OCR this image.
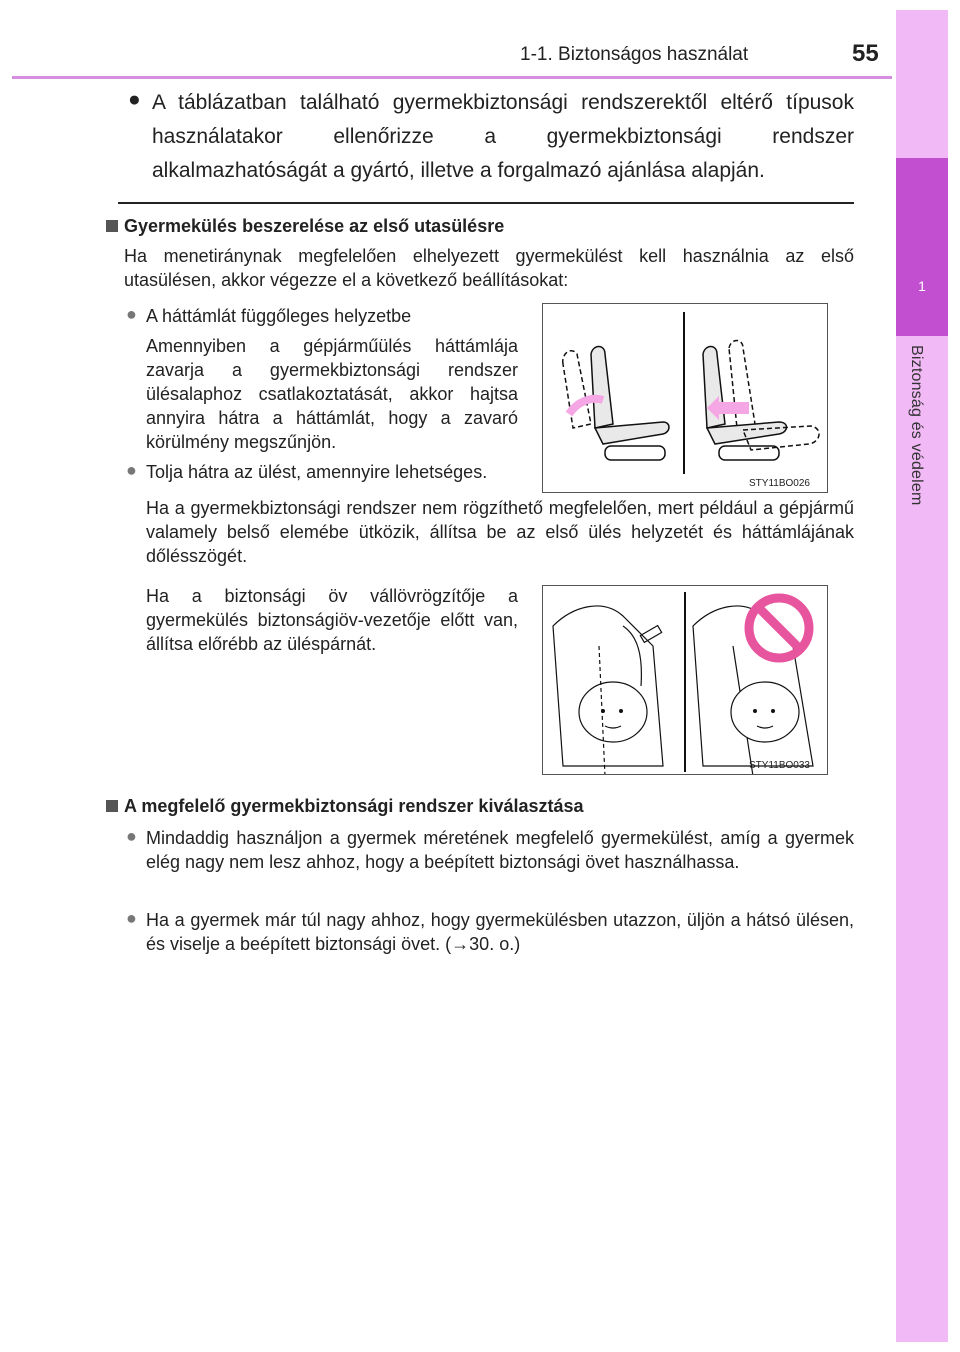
1-1. Biztonságos használat	55
1
Biztonság és védelem
● A táblázatban található gyermekbiztonsági rendszerektől eltérő típusok használatakor ellenőrizze a gyermekbiztonsági rendszer alkalmazhatóságát a gyártó, illetve a forgalmazó ajánlása alapján.
Gyermekülés beszerelése az első utasülésre
Ha menetiránynak megfelelően elhelyezett gyermekülést kell használnia az első utasülésen, akkor végezze el a következő beállításokat:
● A háttámlát függőleges helyzetbe
Amennyiben a gépjárműülés háttámlája zavarja a gyermekbiztonsági rendszer ülésalaphoz csatlakoztatását, akkor hajtsa annyira hátra a háttámlát, hogy a zavaró körülmény megszűnjön.
● Tolja hátra az ülést, amennyire lehetséges.
STY11BO026
Ha a gyermekbiztonsági rendszer nem rögzíthető megfelelően, mert például a gépjármű valamely belső elemébe ütközik, állítsa be az első ülés helyzetét és háttámlájának dőlésszögét.
Ha a biztonsági öv vállövrögzítője a gyermekülés biztonságiöv-vezetője előtt van, állítsa előrébb az üléspárnát.
STY11BO033
A megfelelő gyermekbiztonsági rendszer kiválasztása
● Mindaddig használjon a gyermek méretének megfelelő gyermekülést, amíg a gyermek elég nagy nem lesz ahhoz, hogy a beépített biztonsági övet használhassa.
● Ha a gyermek már túl nagy ahhoz, hogy gyermekülésben utazzon, üljön a hátsó ülésen, és viselje a beépített biztonsági övet. (→30. o.)
